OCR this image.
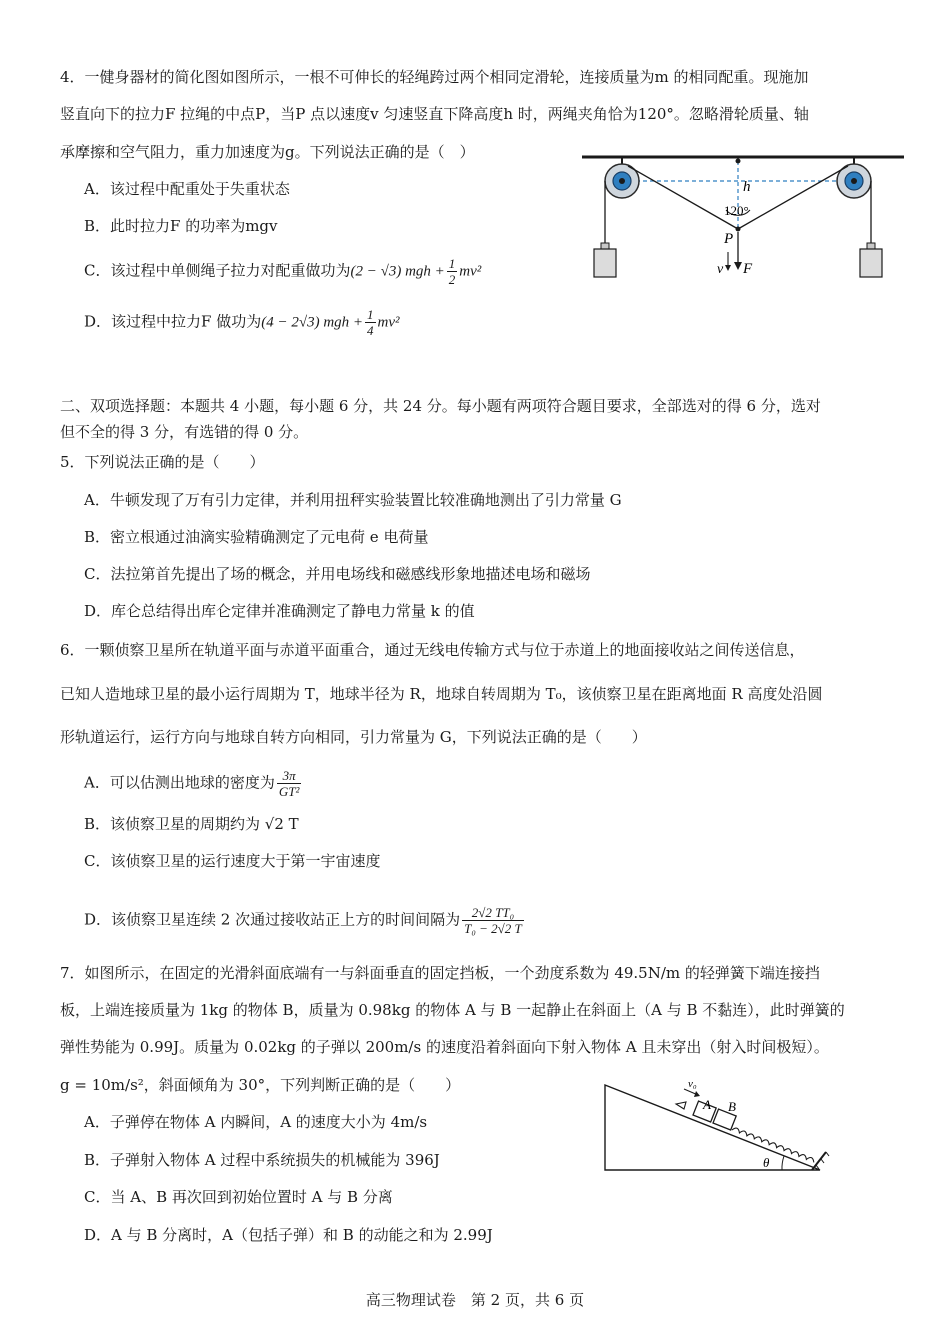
4．一健身器材的简化图如图所示，一根不可伸长的轻绳跨过两个相同定滑轮，连接质量为m 的相同配重。现施加
竖直向下的拉力F 拉绳的中点P，当P 点以速度v 匀速竖直下降高度h 时，两绳夹角恰为120°。忽略滑轮质量、轴
承摩擦和空气阻力，重力加速度为g。下列说法正确的是（　）
A．该过程中配重处于失重状态
B．此时拉力F 的功率为mgv
C．该过程中单侧绳子拉力对配重做功为(2 − √3) mgh + $\frac{1}{2} mv^2$
D．该过程中拉力F 做功为(4 − 2√3) mgh + $\frac{1}{4} mv^2$
h
120°
P
v F
二、双项选择题：本题共 4 小题，每小题 6 分，共 24 分。每小题有两项符合题目要求，全部选对的得 6 分，选对
但不全的得 3 分，有选错的得 0 分。
5．下列说法正确的是（　　）
A．牛顿发现了万有引力定律，并利用扭秤实验装置比较准确地测出了引力常量 G
B．密立根通过油滴实验精确测定了元电荷 e 电荷量
C．法拉第首先提出了场的概念，并用电场线和磁感线形象地描述电场和磁场
D．库仑总结得出库仑定律并准确测定了静电力常量 k 的值
6．一颗侦察卫星所在轨道平面与赤道平面重合，通过无线电传输方式与位于赤道上的地面接收站之间传送信息，
已知人造地球卫星的最小运行周期为 T，地球半径为 R，地球自转周期为 T₀，该侦察卫星在距离地面 R 高度处沿圆
形轨道运行，运行方向与地球自转方向相同，引力常量为 G，下列说法正确的是（　　）
A．可以估测出地球的密度为 $\frac{3\pi}{\text{GT²}}$
B．该侦察卫星的周期约为 √2 T
C．该侦察卫星的运行速度大于第一宇宙速度
D．该侦察卫星连续 2 次通过接收站正上方的时间间隔为 $\frac{\text{2√2 TT₀}}{\text{T₀ − 2√2 T}}$
7．如图所示，在固定的光滑斜面底端有一与斜面垂直的固定挡板，一个劲度系数为 49.5N/m 的轻弹簧下端连接挡
板，上端连接质量为 1kg 的物体 B，质量为 0.98kg 的物体 A 与 B 一起静止在斜面上（A 与 B 不黏连），此时弹簧的
弹性势能为 0.99J。质量为 0.02kg 的子弹以 200m/s 的速度沿着斜面向下射入物体 A 且未穿出（射入时间极短）。
g = 10m/s²，斜面倾角为 30°，下列判断正确的是（　　）
A．子弹停在物体 A 内瞬间，A 的速度大小为 4m/s
B．子弹射入物体 A 过程中系统损失的机械能为 396J
C．当 A、B 再次回到初始位置时 A 与 B 分离
D．A 与 B 分离时，A（包括子弹）和 B 的动能之和为 2.99J
v₀
A B
θ
高三物理试卷　第 2 页，共 6 页
